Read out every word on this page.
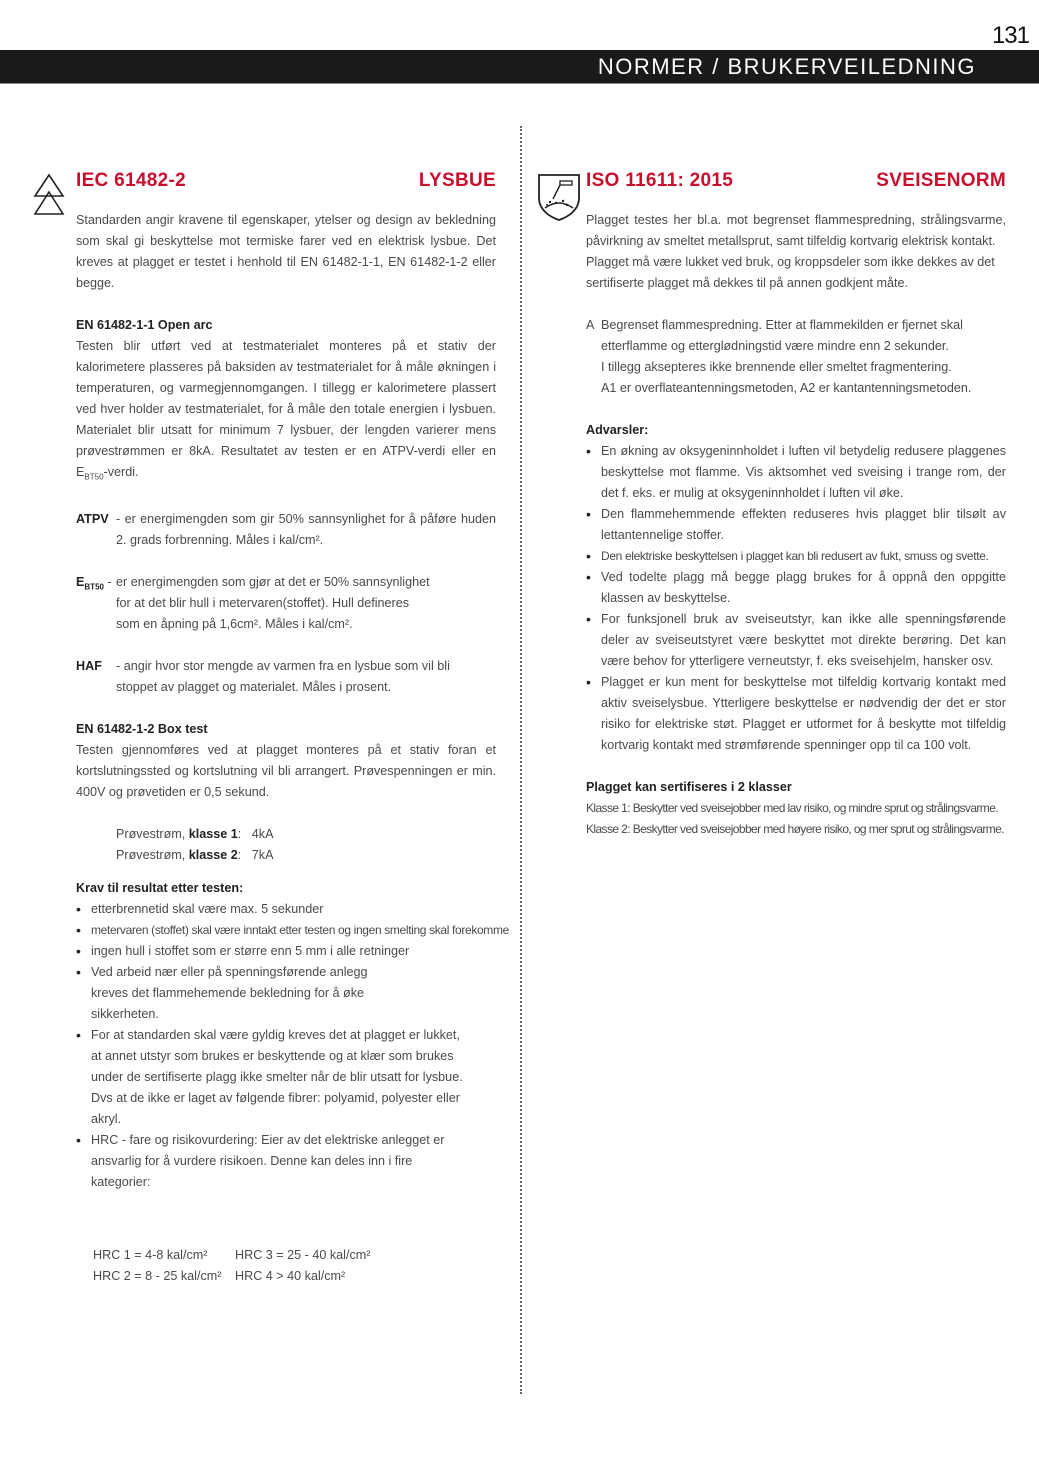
131
NORMER / BRUKERVEILEDNING
IEC 61482-2	LYSBUE

Standarden angir kravene til egenskaper, ytelser og design av bekledning som skal gi beskyttelse mot termiske farer ved en elektrisk lysbue. Det kreves at plagget er testet i henhold til EN 61482-1-1, EN 61482-1-2 eller begge.

EN 61482-1-1 Open arc

Testen blir utført ved at testmaterialet monteres på et stativ der kalorimetere plasseres på baksiden av testmaterialet for å måle økningen i temperaturen, og varmegjennomgangen. I tillegg er kalorimetere plassert ved hver holder av testmaterialet, for å måle den totale energien i lysbuen. Materialet blir utsatt for minimum 7 lysbuer, der lengden varierer mens prøvestrømmen er 8kA. Resultatet av testen er en ATPV-verdi eller en $E_{BT50}$-verdi.

ATPV - er energimengden som gir 50% sannsynlighet for å påføre huden 2. grads forbrenning. Måles i kal/cm².

$E_{BT50}$ - er energimengden som gjør at det er 50% sannsynlighet for at det blir hull i metervaren(stoffet). Hull defineres som en åpning på 1,6cm². Måles i kal/cm².

HAF - angir hvor stor mengde av varmen fra en lysbue som vil bli stoppet av plagget og materialet. Måles i prosent.

EN 61482-1-2 Box test

Testen gjennomføres ved at plagget monteres på et stativ foran et kortslutningssted og kortslutning vil bli arrangert. Prøvespenningen er min. 400V og prøvetiden er 0,5 sekund.

Prøvestrøm, klasse 1: 4kA
Prøvestrøm, klasse 2: 7kA
Krav til resultat etter testen:
• etterbrennetid skal være max. 5 sekunder
• metervaren (stoffet) skal være inntakt etter testen og ingen smelting skal forekomme
• ingen hull i stoffet som er større enn 5 mm i alle retninger
• Ved arbeid nær eller på spenningsførende anlegg kreves det flammehemende bekledning for å øke sikkerheten.
• For at standarden skal være gyldig kreves det at plagget er lukket, at annet utstyr som brukes er beskyttende og at klær som brukes under de sertifiserte plagg ikke smelter når de blir utsatt for lysbue. Dvs at de ikke er laget av følgende fibrer: polyamid, polyester eller akryl.
• HRC - fare og risikovurdering: Eier av det elektriske anlegget er ansvarlig for å vurdere risikoen. Denne kan deles inn i fire kategorier:
HRC 1 = 4-8 kal/cm²	HRC 3 = 25 - 40 kal/cm²
HRC 2 = 8 - 25 kal/cm²	HRC 4 > 40 kal/cm²
ISO 11611: 2015	SVEISENORM

Plagget testes her bl.a. mot begrenset flammespredning, strålingsvarme, påvirkning av smeltet metallsprut, samt tilfeldig kortvarig elektrisk kontakt.

Plagget må være lukket ved bruk, og kroppsdeler som ikke dekkes av det sertifiserte plagget må dekkes til på annen godkjent måte.

A Begrenset flammespredning. Etter at flammekilden er fjernet skal
etterflamme og etterglødningstid være mindre enn 2 sekunder.
I tillegg aksepteres ikke brennende eller smeltet fragmentering.
A1 er overflateantenningsmetoden, A2 er kantantenningsmetoden.
Advarsler:
• En økning av oksygeninnholdet i luften vil betydelig redusere plaggenes beskyttelse mot flamme. Vis aktsomhet ved sveising i trange rom, der det f. eks. er mulig at oksygeninnholdet i luften vil øke.
• Den flammehemmende effekten reduseres hvis plagget blir tilsølt av lettantennelige stoffer.
• Den elektriske beskyttelsen i plagget kan bli redusert av fukt, smuss og svette.
• Ved todelte plagg må begge plagg brukes for å oppnå den oppgitte klassen av beskyttelse.
• For funksjonell bruk av sveiseutstyr, kan ikke alle spenningsførende deler av sveiseutstyret være beskyttet mot direkte berøring. Det kan være behov for ytterligere verneutstyr, f. eks sveisehjelm, hansker osv.
• Plagget er kun ment for beskyttelse mot tilfeldig kortvarig kontakt med aktiv sveiselysbue. Ytterligere beskyttelse er nødvendig der det er stor risiko for elektriske støt. Plagget er utformet for å beskytte mot tilfeldig kortvarig kontakt med strømførende spenninger opp til ca 100 volt.
Plagget kan sertifiseres i 2 klasser
Klasse 1: Beskytter ved sveisejobber med lav risiko, og mindre sprut og strålingsvarme.
Klasse 2: Beskytter ved sveisejobber med høyere risiko, og mer sprut og strålingsvarme.
